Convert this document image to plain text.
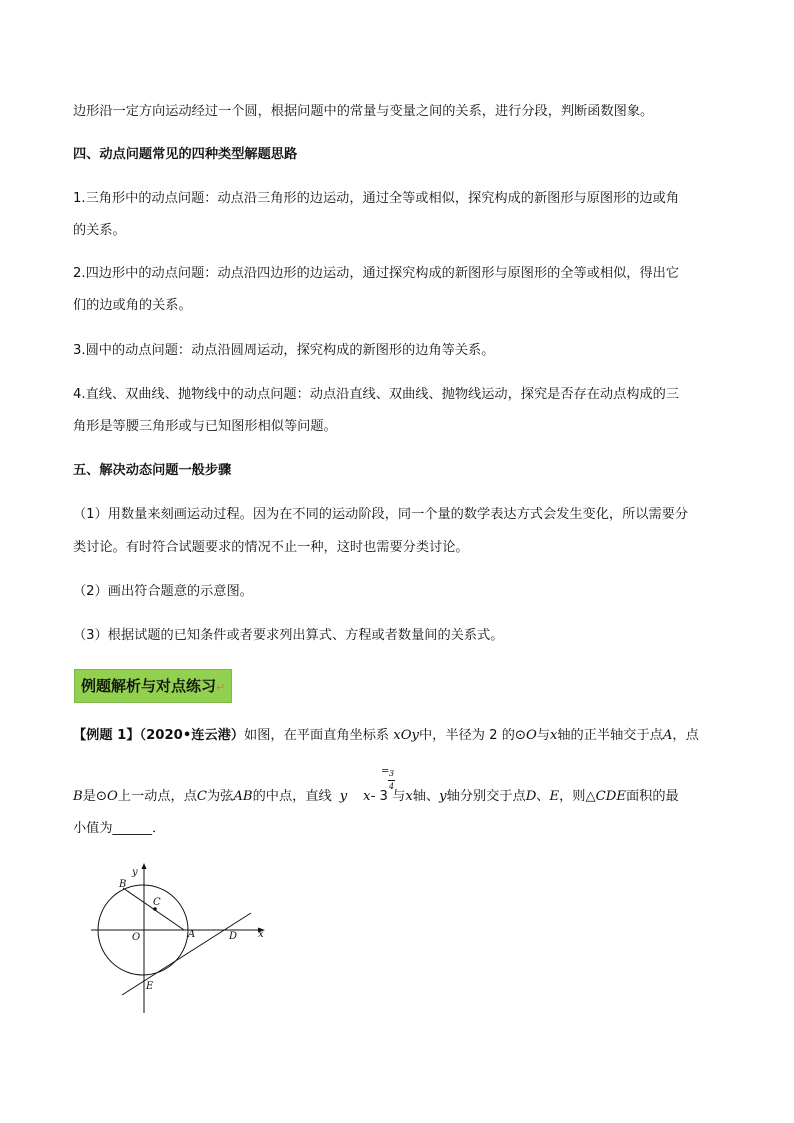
边形沿一定方向运动经过一个圆，根据问题中的常量与变量之间的关系，进行分段，判断函数图象。
四、动点问题常见的四种类型解题思路
1.三角形中的动点问题：动点沿三角形的边运动，通过全等或相似，探究构成的新图形与原图形的边或角
的关系。
2.四边形中的动点问题：动点沿四边形的边运动，通过探究构成的新图形与原图形的全等或相似，得出它
们的边或角的关系。
3.圆中的动点问题：动点沿圆周运动，探究构成的新图形的边角等关系。
4.直线、双曲线、抛物线中的动点问题：动点沿直线、双曲线、抛物线运动，探究是否存在动点构成的三
角形是等腰三角形或与已知图形相似等问题。
五、解决动态问题一般步骤
（1）用数量来刻画运动过程。因为在不同的运动阶段，同一个量的数学表达方式会发生变化，所以需要分
类讨论。有时符合试题要求的情况不止一种，这时也需要分类讨论。
（2）画出符合题意的示意图。
（3）根据试题的已知条件或者要求列出算式、方程或者数量间的关系式。
例题解析与对点练习↵
【例题 1】（2020•连云港）如图，在平面直角坐标系 xOy中，半径为 2 的⊙O与x轴的正半轴交于点A，点
B是⊙O上一动点，点C为弦AB的中点，直线 y x- 3 与x轴、y轴分别交于点D、E，则△CDE面积的最
= 3
4
小值为______．
y
x
B
C
O	A	D
E
